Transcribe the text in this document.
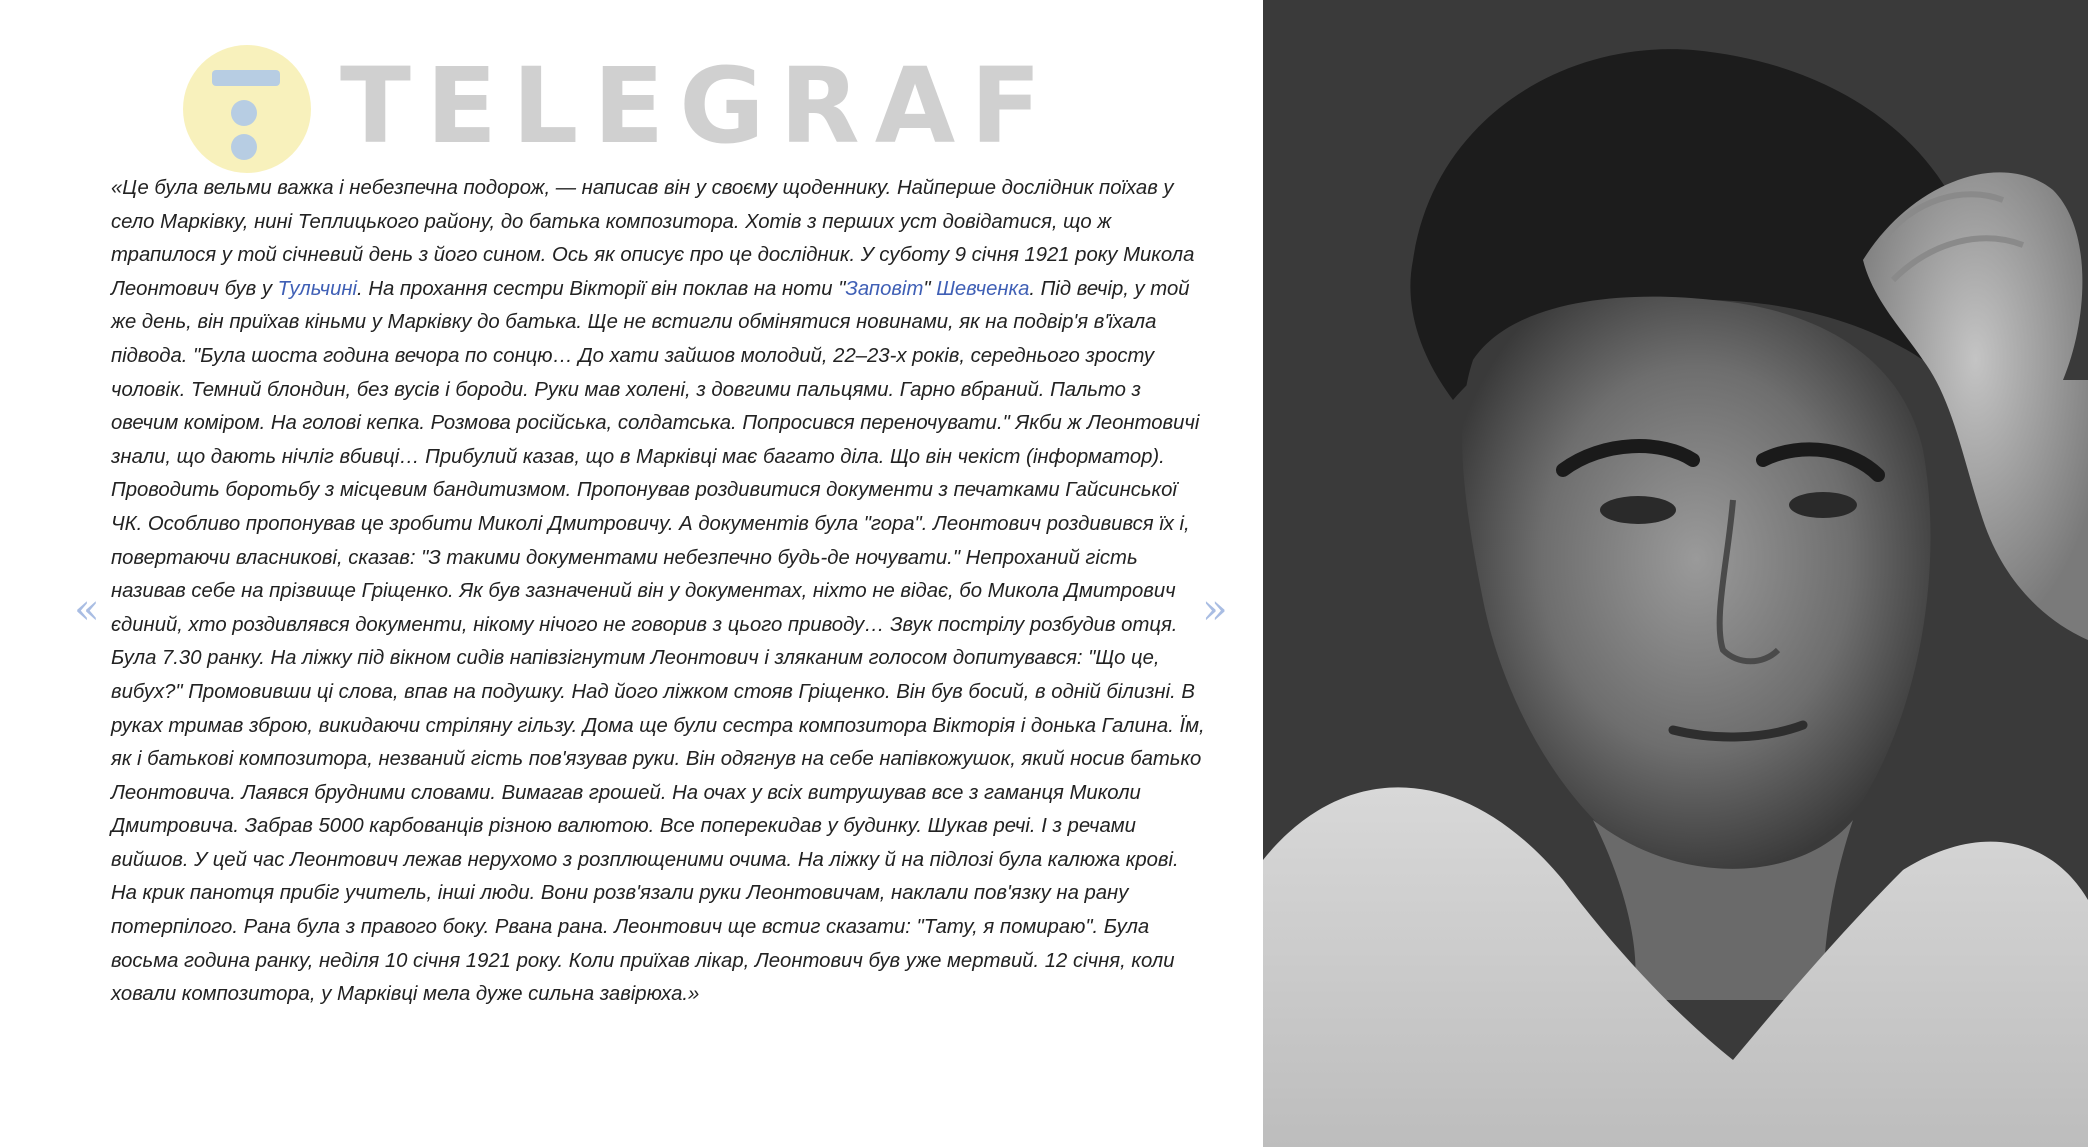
TELEGRAF

«Це була вельми важка і небезпечна подорож, — написав він у своєму щоденнику. Найперше дослідник поїхав у село Марківку, нині Теплицького району, до батька композитора. Хотів з перших уст довідатися, що ж трапилося у той січневий день з його сином. Ось як описує про це дослідник. У суботу 9 січня 1921 року Микола Леонтович був у Тульчині. На прохання сестри Вікторії він поклав на ноти "Заповіт" Шевченка. Під вечір, у той же день, він приїхав кіньми у Марківку до батька. Ще не встигли обмінятися новинами, як на подвір'я в'їхала підвода. "Була шоста година вечора по сонцю… До хати зайшов молодий, 22–23-х років, середнього зросту чоловік. Темний блондин, без вусів і бороди. Руки мав холені, з довгими пальцями. Гарно вбраний. Пальто з овечим коміром. На голові кепка. Розмова російська, солдатська. Попросився переночувати." Якби ж Леонтовичі знали, що дають нічліг вбивці… Прибулий казав, що в Марківці має багато діла. Що він чекіст (інформатор). Проводить боротьбу з місцевим бандитизмом. Пропонував роздивитися документи з печатками Гайсинської ЧК. Особливо пропонував це зробити Миколі Дмитровичу. А документів була "гора". Леонтович роздивився їх і, повертаючи власникові, сказав: "З такими документами небезпечно будь-де ночувати." Непроханий гість називав себе на прізвище Гріщенко. Як був зазначений він у документах, ніхто не відає, бо Микола Дмитрович єдиний, хто роздивлявся документи, нікому нічого не говорив з цього приводу… Звук пострілу розбудив отця. Була 7.30 ранку. На ліжку під вікном сидів напівзігнутим Леонтович і зляканим голосом допитувався: "Що це, вибух?" Промовивши ці слова, впав на подушку. Над його ліжком стояв Гріщенко. Він був босий, в одній білизні. В руках тримав зброю, викидаючи стріляну гільзу. Дома ще були сестра композитора Вікторія і донька Галина. Їм, як і батькові композитора, незваний гість пов'язував руки. Він одягнув на себе напівкожушок, який носив батько Леонтовича. Лаявся брудними словами. Вимагав грошей. На очах у всіх витрушував все з гаманця Миколи Дмитровича. Забрав 5000 карбованців різною валютою. Все поперекидав у будинку. Шукав речі. І з речами вийшов. У цей час Леонтович лежав нерухомо з розплющеними очима. На ліжку й на підлозі була калюжа крові. На крик панотця прибіг учитель, інші люди. Вони розв'язали руки Леонтовичам, наклали пов'язку на рану потерпілого. Рана була з правого боку. Рвана рана. Леонтович ще встиг сказати: "Тату, я помираю". Була восьма година ранку, неділя 10 січня 1921 року. Коли приїхав лікар, Леонтович був уже мертвий. 12 січня, коли ховали композитора, у Марківці мела дуже сильна завірюха.»

«	»
